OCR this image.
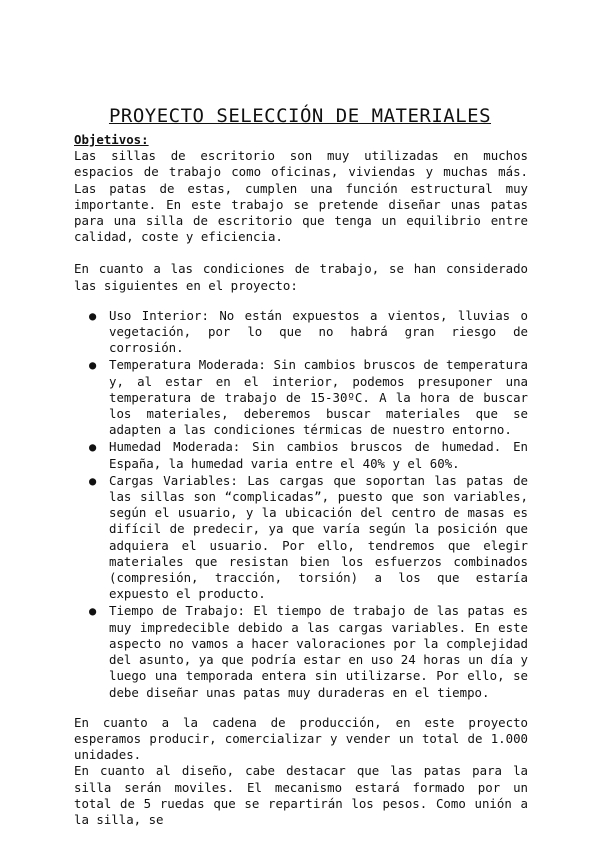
PROYECTO SELECCIÓN DE MATERIALES

Objetivos:

Las sillas de escritorio son muy utilizadas en muchos espacios de trabajo como oficinas, viviendas y muchas más. Las patas de estas, cumplen una función estructural muy importante. En este trabajo se pretende diseñar unas patas para una silla de escritorio que tenga un equilibrio entre calidad, coste y eficiencia.

En cuanto a las condiciones de trabajo, se han considerado las siguientes en el proyecto:

● Uso Interior: No están expuestos a vientos, lluvias o vegetación, por lo que no habrá gran riesgo de corrosión.
● Temperatura Moderada: Sin cambios bruscos de temperatura y, al estar en el interior, podemos presuponer una temperatura de trabajo de 15-30ºC. A la hora de buscar los materiales, deberemos buscar materiales que se adapten a las condiciones térmicas de nuestro entorno.
● Humedad Moderada: Sin cambios bruscos de humedad. En España, la humedad varia entre el 40% y el 60%.
● Cargas Variables: Las cargas que soportan las patas de las sillas son “complicadas”, puesto que son variables, según el usuario, y la ubicación del centro de masas es difícil de predecir, ya que varía según la posición que adquiera el usuario. Por ello, tendremos que elegir materiales que resistan bien los esfuerzos combinados (compresión, tracción, torsión) a los que estaría expuesto el producto.
● Tiempo de Trabajo: El tiempo de trabajo de las patas es muy impredecible debido a las cargas variables. En este aspecto no vamos a hacer valoraciones por la complejidad del asunto, ya que podría estar en uso 24 horas un día y luego una temporada entera sin utilizarse. Por ello, se debe diseñar unas patas muy duraderas en el tiempo.

En cuanto a la cadena de producción, en este proyecto esperamos producir, comercializar y vender un total de 1.000 unidades.

En cuanto al diseño, cabe destacar que las patas para la silla serán moviles. El mecanismo estará formado por un total de 5 ruedas que se repartirán los pesos. Como unión a la silla, se
